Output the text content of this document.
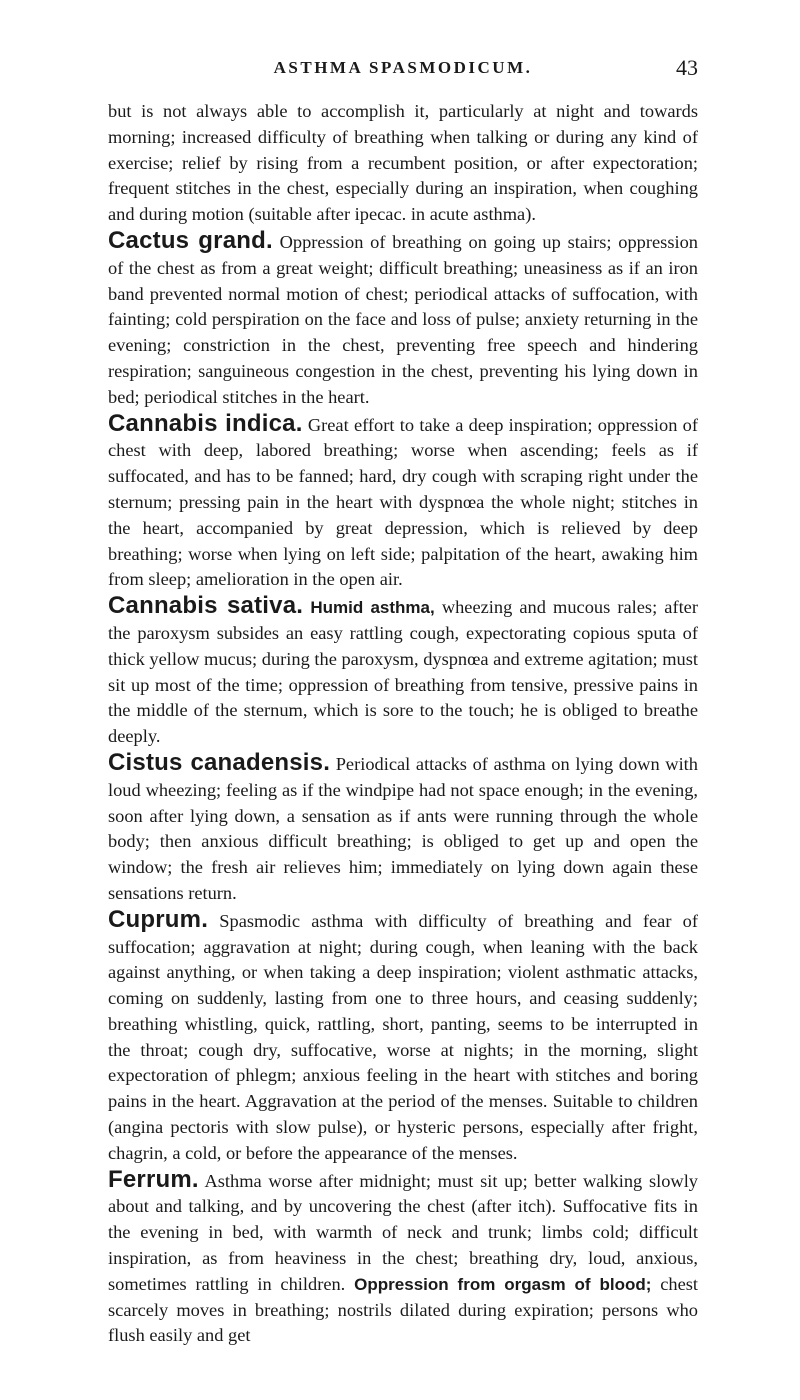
ASTHMA SPASMODICUM.	43

but is not always able to accomplish it, particularly at night and towards morning; increased difficulty of breathing when talking or during any kind of exercise; relief by rising from a recumbent position, or after expectoration; frequent stitches in the chest, especially during an inspiration, when coughing and during motion (suitable after ipecac. in acute asthma).

Cactus grand. Oppression of breathing on going up stairs; oppression of the chest as from a great weight; difficult breathing; uneasiness as if an iron band prevented normal motion of chest; periodical attacks of suffocation, with fainting; cold perspiration on the face and loss of pulse; anxiety returning in the evening; constriction in the chest, preventing free speech and hindering respiration; sanguineous congestion in the chest, preventing his lying down in bed; periodical stitches in the heart.

Cannabis indica. Great effort to take a deep inspiration; oppression of chest with deep, labored breathing; worse when ascending; feels as if suffocated, and has to be fanned; hard, dry cough with scraping right under the sternum; pressing pain in the heart with dyspnœa the whole night; stitches in the heart, accompanied by great depression, which is relieved by deep breathing; worse when lying on left side; palpitation of the heart, awaking him from sleep; amelioration in the open air.

Cannabis sativa. Humid asthma, wheezing and mucous rales; after the paroxysm subsides an easy rattling cough, expectorating copious sputa of thick yellow mucus; during the paroxysm, dyspnœa and extreme agitation; must sit up most of the time; oppression of breathing from tensive, pressive pains in the middle of the sternum, which is sore to the touch; he is obliged to breathe deeply.

Cistus canadensis. Periodical attacks of asthma on lying down with loud wheezing; feeling as if the windpipe had not space enough; in the evening, soon after lying down, a sensation as if ants were running through the whole body; then anxious difficult breathing; is obliged to get up and open the window; the fresh air relieves him; immediately on lying down again these sensations return.

Cuprum. Spasmodic asthma with difficulty of breathing and fear of suffocation; aggravation at night; during cough, when leaning with the back against anything, or when taking a deep inspiration; violent asthmatic attacks, coming on suddenly, lasting from one to three hours, and ceasing suddenly; breathing whistling, quick, rattling, short, panting, seems to be interrupted in the throat; cough dry, suffocative, worse at nights; in the morning, slight expectoration of phlegm; anxious feeling in the heart with stitches and boring pains in the heart. Aggravation at the period of the menses. Suitable to children (angina pectoris with slow pulse), or hysteric persons, especially after fright, chagrin, a cold, or before the appearance of the menses.

Ferrum. Asthma worse after midnight; must sit up; better walking slowly about and talking, and by uncovering the chest (after itch). Suffocative fits in the evening in bed, with warmth of neck and trunk; limbs cold; difficult inspiration, as from heaviness in the chest; breathing dry, loud, anxious, sometimes rattling in children. Oppression from orgasm of blood; chest scarcely moves in breathing; nostrils dilated during expiration; persons who flush easily and get
